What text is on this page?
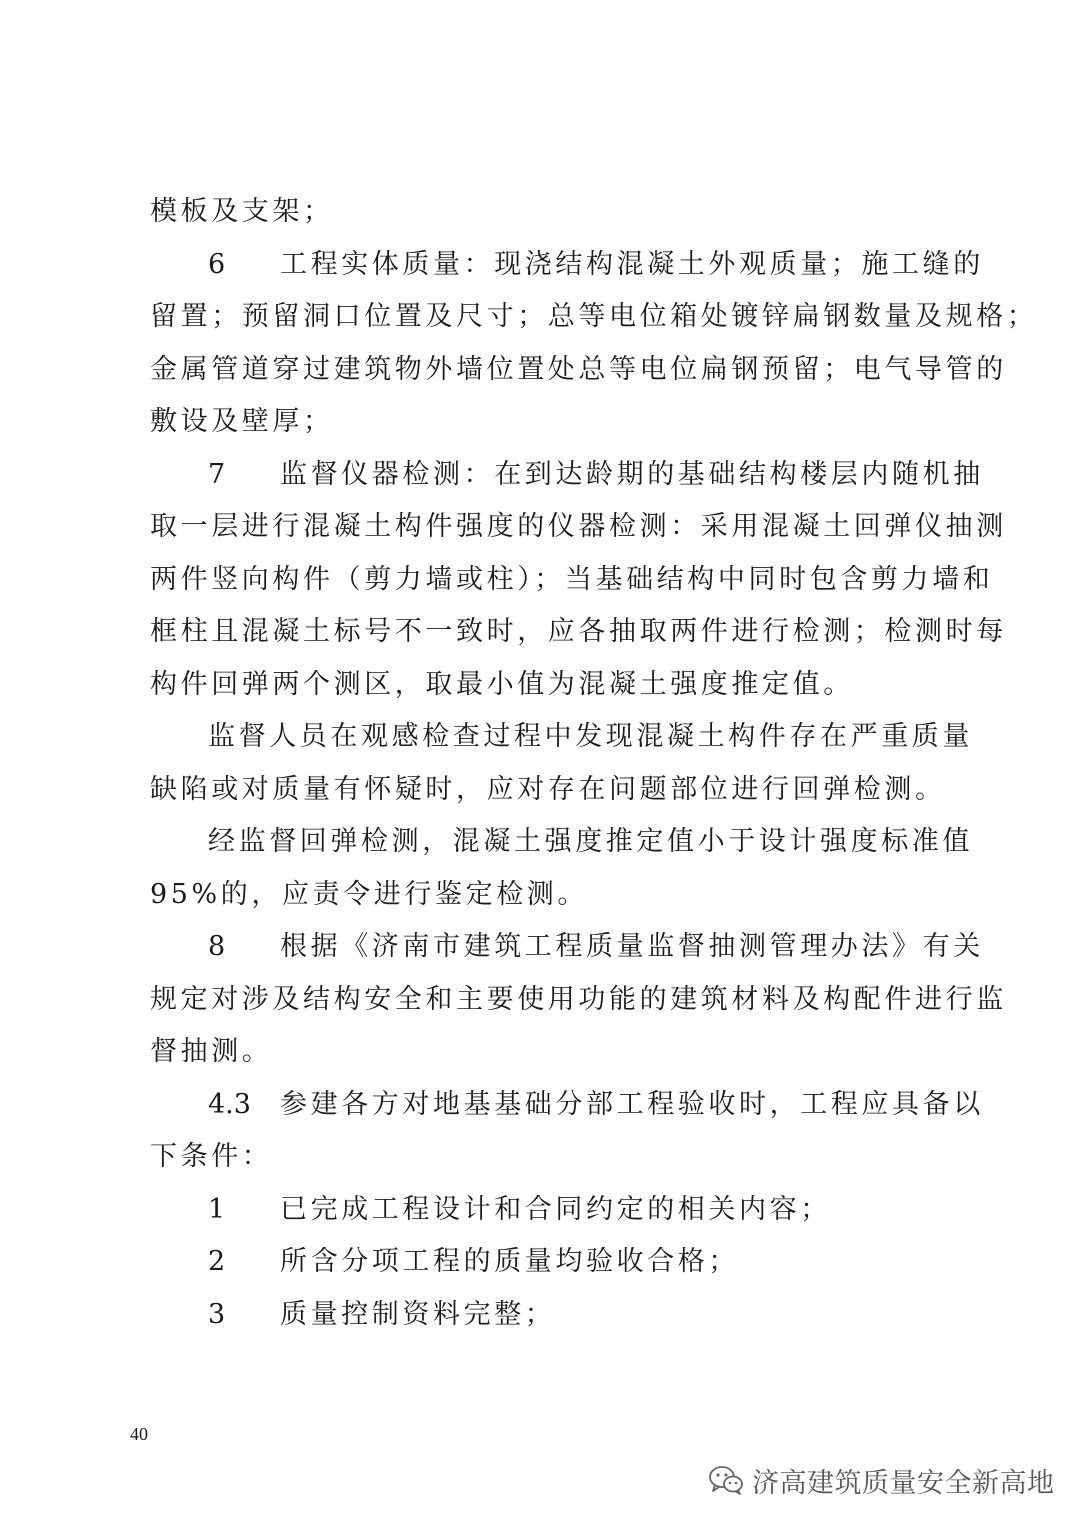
模板及支架；
6 工程实体质量：现浇结构混凝土外观质量；施工缝的
留置；预留洞口位置及尺寸；总等电位箱处镀锌扁钢数量及规格；
金属管道穿过建筑物外墙位置处总等电位扁钢预留；电气导管的
敷设及壁厚；
7 监督仪器检测：在到达龄期的基础结构楼层内随机抽
取一层进行混凝土构件强度的仪器检测：采用混凝土回弹仪抽测
两件竖向构件（剪力墙或柱）；当基础结构中同时包含剪力墙和
框柱且混凝土标号不一致时，应各抽取两件进行检测；检测时每
构件回弹两个测区，取最小值为混凝土强度推定值。
监督人员在观感检查过程中发现混凝土构件存在严重质量
缺陷或对质量有怀疑时，应对存在问题部位进行回弹检测。
经监督回弹检测，混凝土强度推定值小于设计强度标准值
95%的，应责令进行鉴定检测。
8 根据《济南市建筑工程质量监督抽测管理办法》有关
规定对涉及结构安全和主要使用功能的建筑材料及构配件进行监
督抽测。
4.3 参建各方对地基基础分部工程验收时，工程应具备以
下条件：
1 已完成工程设计和合同约定的相关内容；
2 所含分项工程的质量均验收合格；
3 质量控制资料完整；
40
济高建筑质量安全新高地
